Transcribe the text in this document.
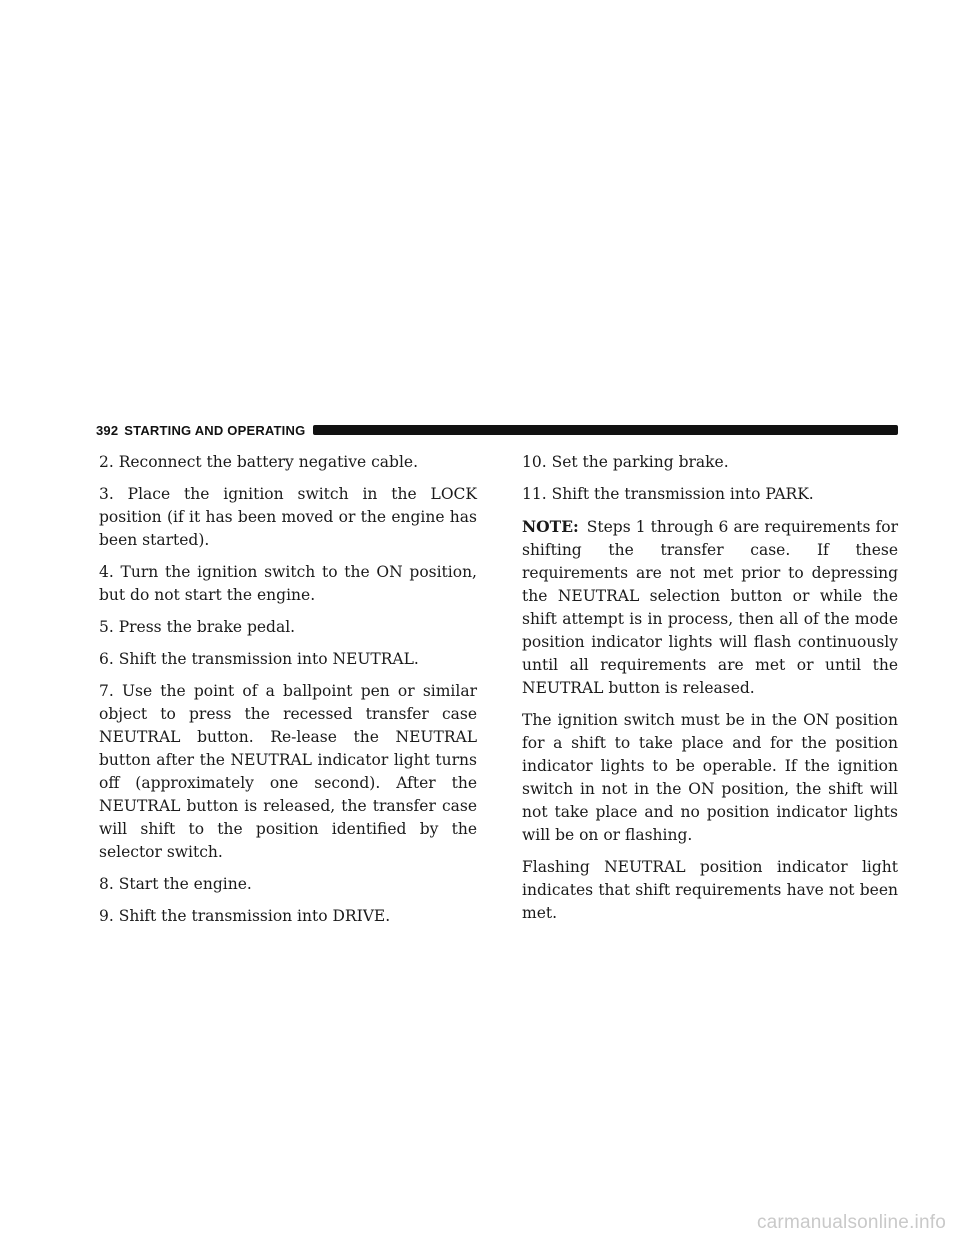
392 STARTING AND OPERATING

2. Reconnect the battery negative cable.

3. Place the ignition switch in the LOCK position (if it has been moved or the engine has been started).

4. Turn the ignition switch to the ON position, but do not start the engine.

5. Press the brake pedal.

6. Shift the transmission into NEUTRAL.

7. Use the point of a ballpoint pen or similar object to press the recessed transfer case NEUTRAL button. Re-lease the NEUTRAL button after the NEUTRAL indicator light turns off (approximately one second). After the NEUTRAL button is released, the transfer case will shift to the position identified by the selector switch.

8. Start the engine.

9. Shift the transmission into DRIVE.

10. Set the parking brake.

11. Shift the transmission into PARK.

NOTE: Steps 1 through 6 are requirements for shifting the transfer case. If these requirements are not met prior to depressing the NEUTRAL selection button or while the shift attempt is in process, then all of the mode position indicator lights will flash continuously until all requirements are met or until the NEUTRAL button is released.

The ignition switch must be in the ON position for a shift to take place and for the position indicator lights to be operable. If the ignition switch in not in the ON position, the shift will not take place and no position indicator lights will be on or flashing.

Flashing NEUTRAL position indicator light indicates that shift requirements have not been met.

carmanualsonline.info
